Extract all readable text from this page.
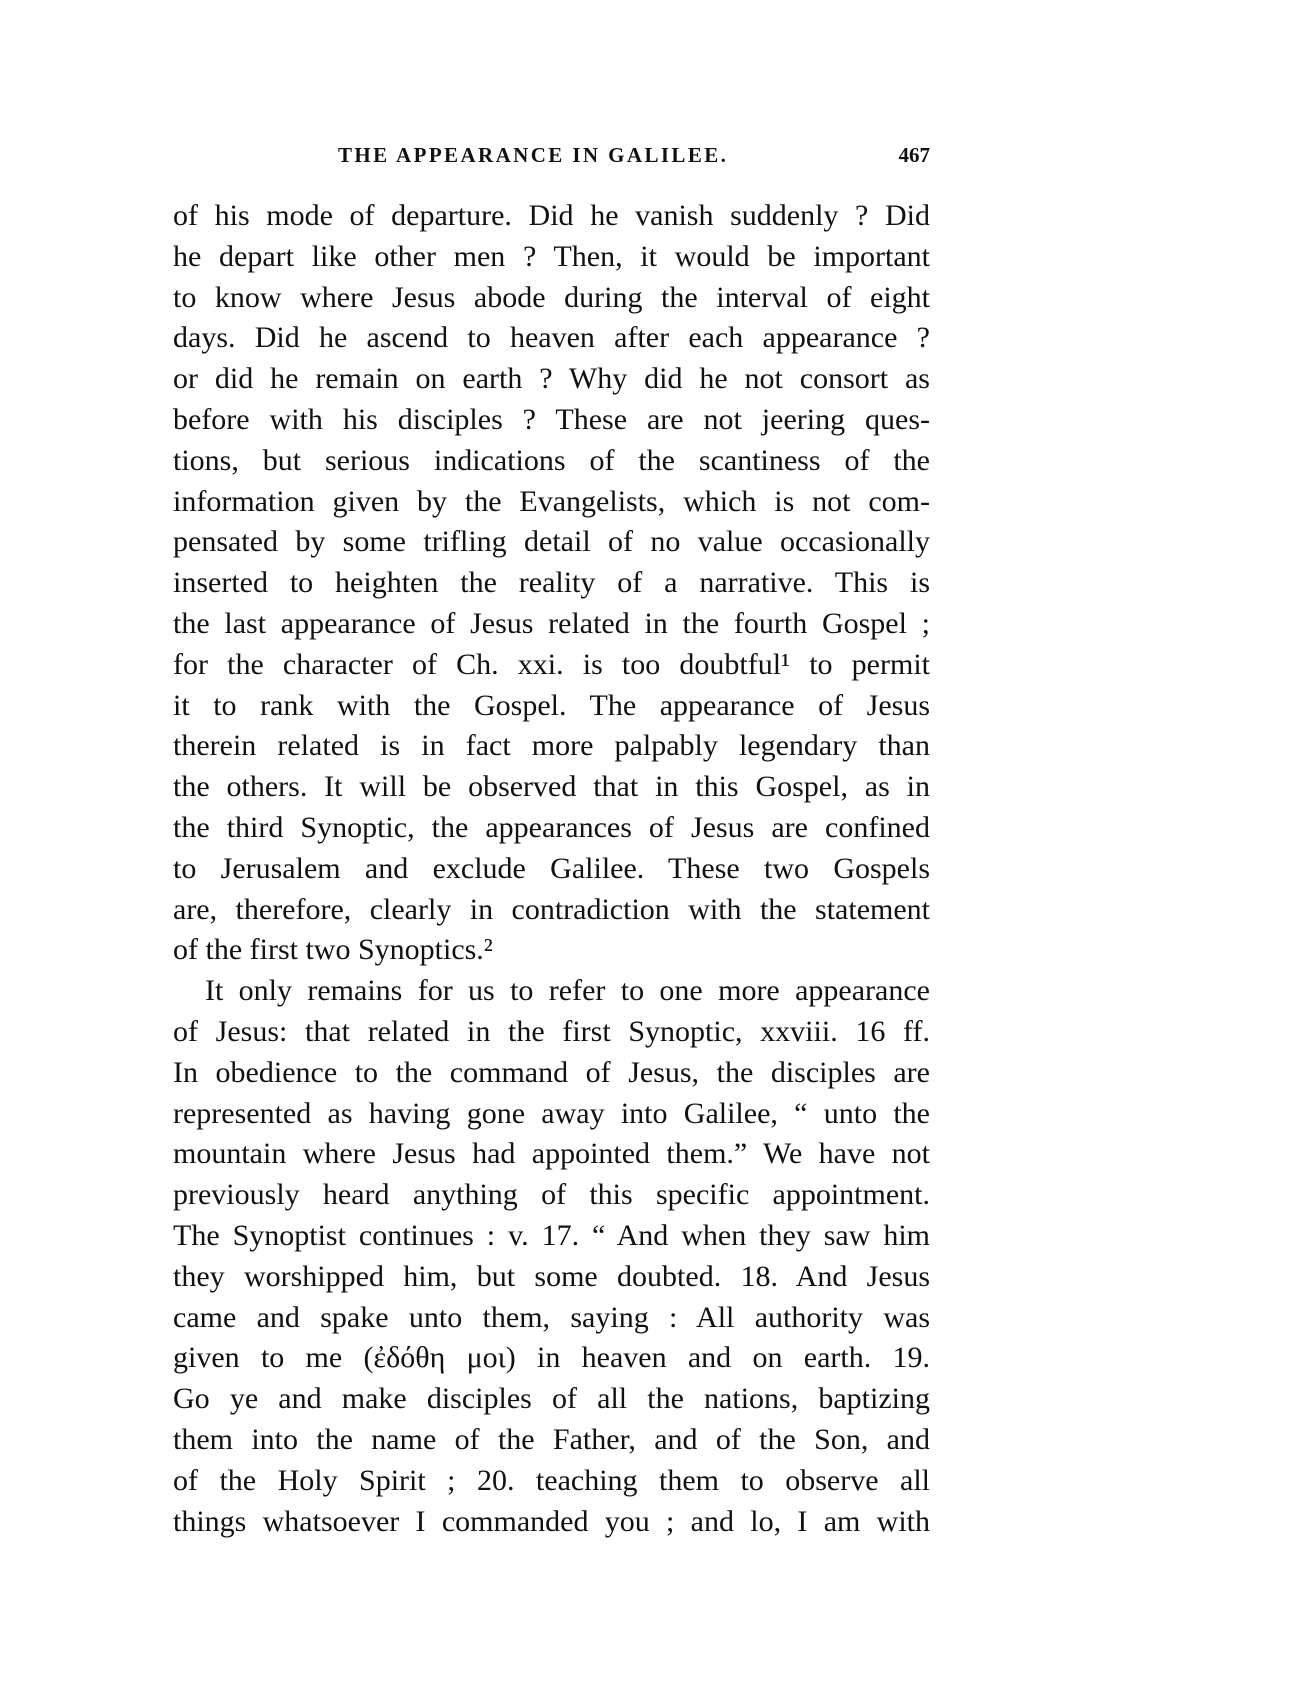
THE APPEARANCE IN GALILEE.	467
of his mode of departure. Did he vanish suddenly ? Did
he depart like other men ? Then, it would be important
to know where Jesus abode during the interval of eight
days. Did he ascend to heaven after each appearance ?
or did he remain on earth ? Why did he not consort as
before with his disciples ? These are not jeering ques-
tions, but serious indications of the scantiness of the
information given by the Evangelists, which is not com-
pensated by some trifling detail of no value occasionally
inserted to heighten the reality of a narrative. This is
the last appearance of Jesus related in the fourth Gospel ;
for the character of Ch. xxi. is too doubtful¹ to permit
it to rank with the Gospel. The appearance of Jesus
therein related is in fact more palpably legendary than
the others. It will be observed that in this Gospel, as in
the third Synoptic, the appearances of Jesus are confined
to Jerusalem and exclude Galilee. These two Gospels
are, therefore, clearly in contradiction with the statement
of the first two Synoptics.²
It only remains for us to refer to one more appearance
of Jesus: that related in the first Synoptic, xxviii. 16 ff.
In obedience to the command of Jesus, the disciples are
represented as having gone away into Galilee, “ unto the
mountain where Jesus had appointed them.” We have not
previously heard anything of this specific appointment.
The Synoptist continues : v. 17. “ And when they saw him
they worshipped him, but some doubted. 18. And Jesus
came and spake unto them, saying : All authority was
given to me (ἐδόθη μοι) in heaven and on earth. 19.
Go ye and make disciples of all the nations, baptizing
them into the name of the Father, and of the Son, and
of the Holy Spirit ; 20. teaching them to observe all
things whatsoever I commanded you ; and lo, I am with
